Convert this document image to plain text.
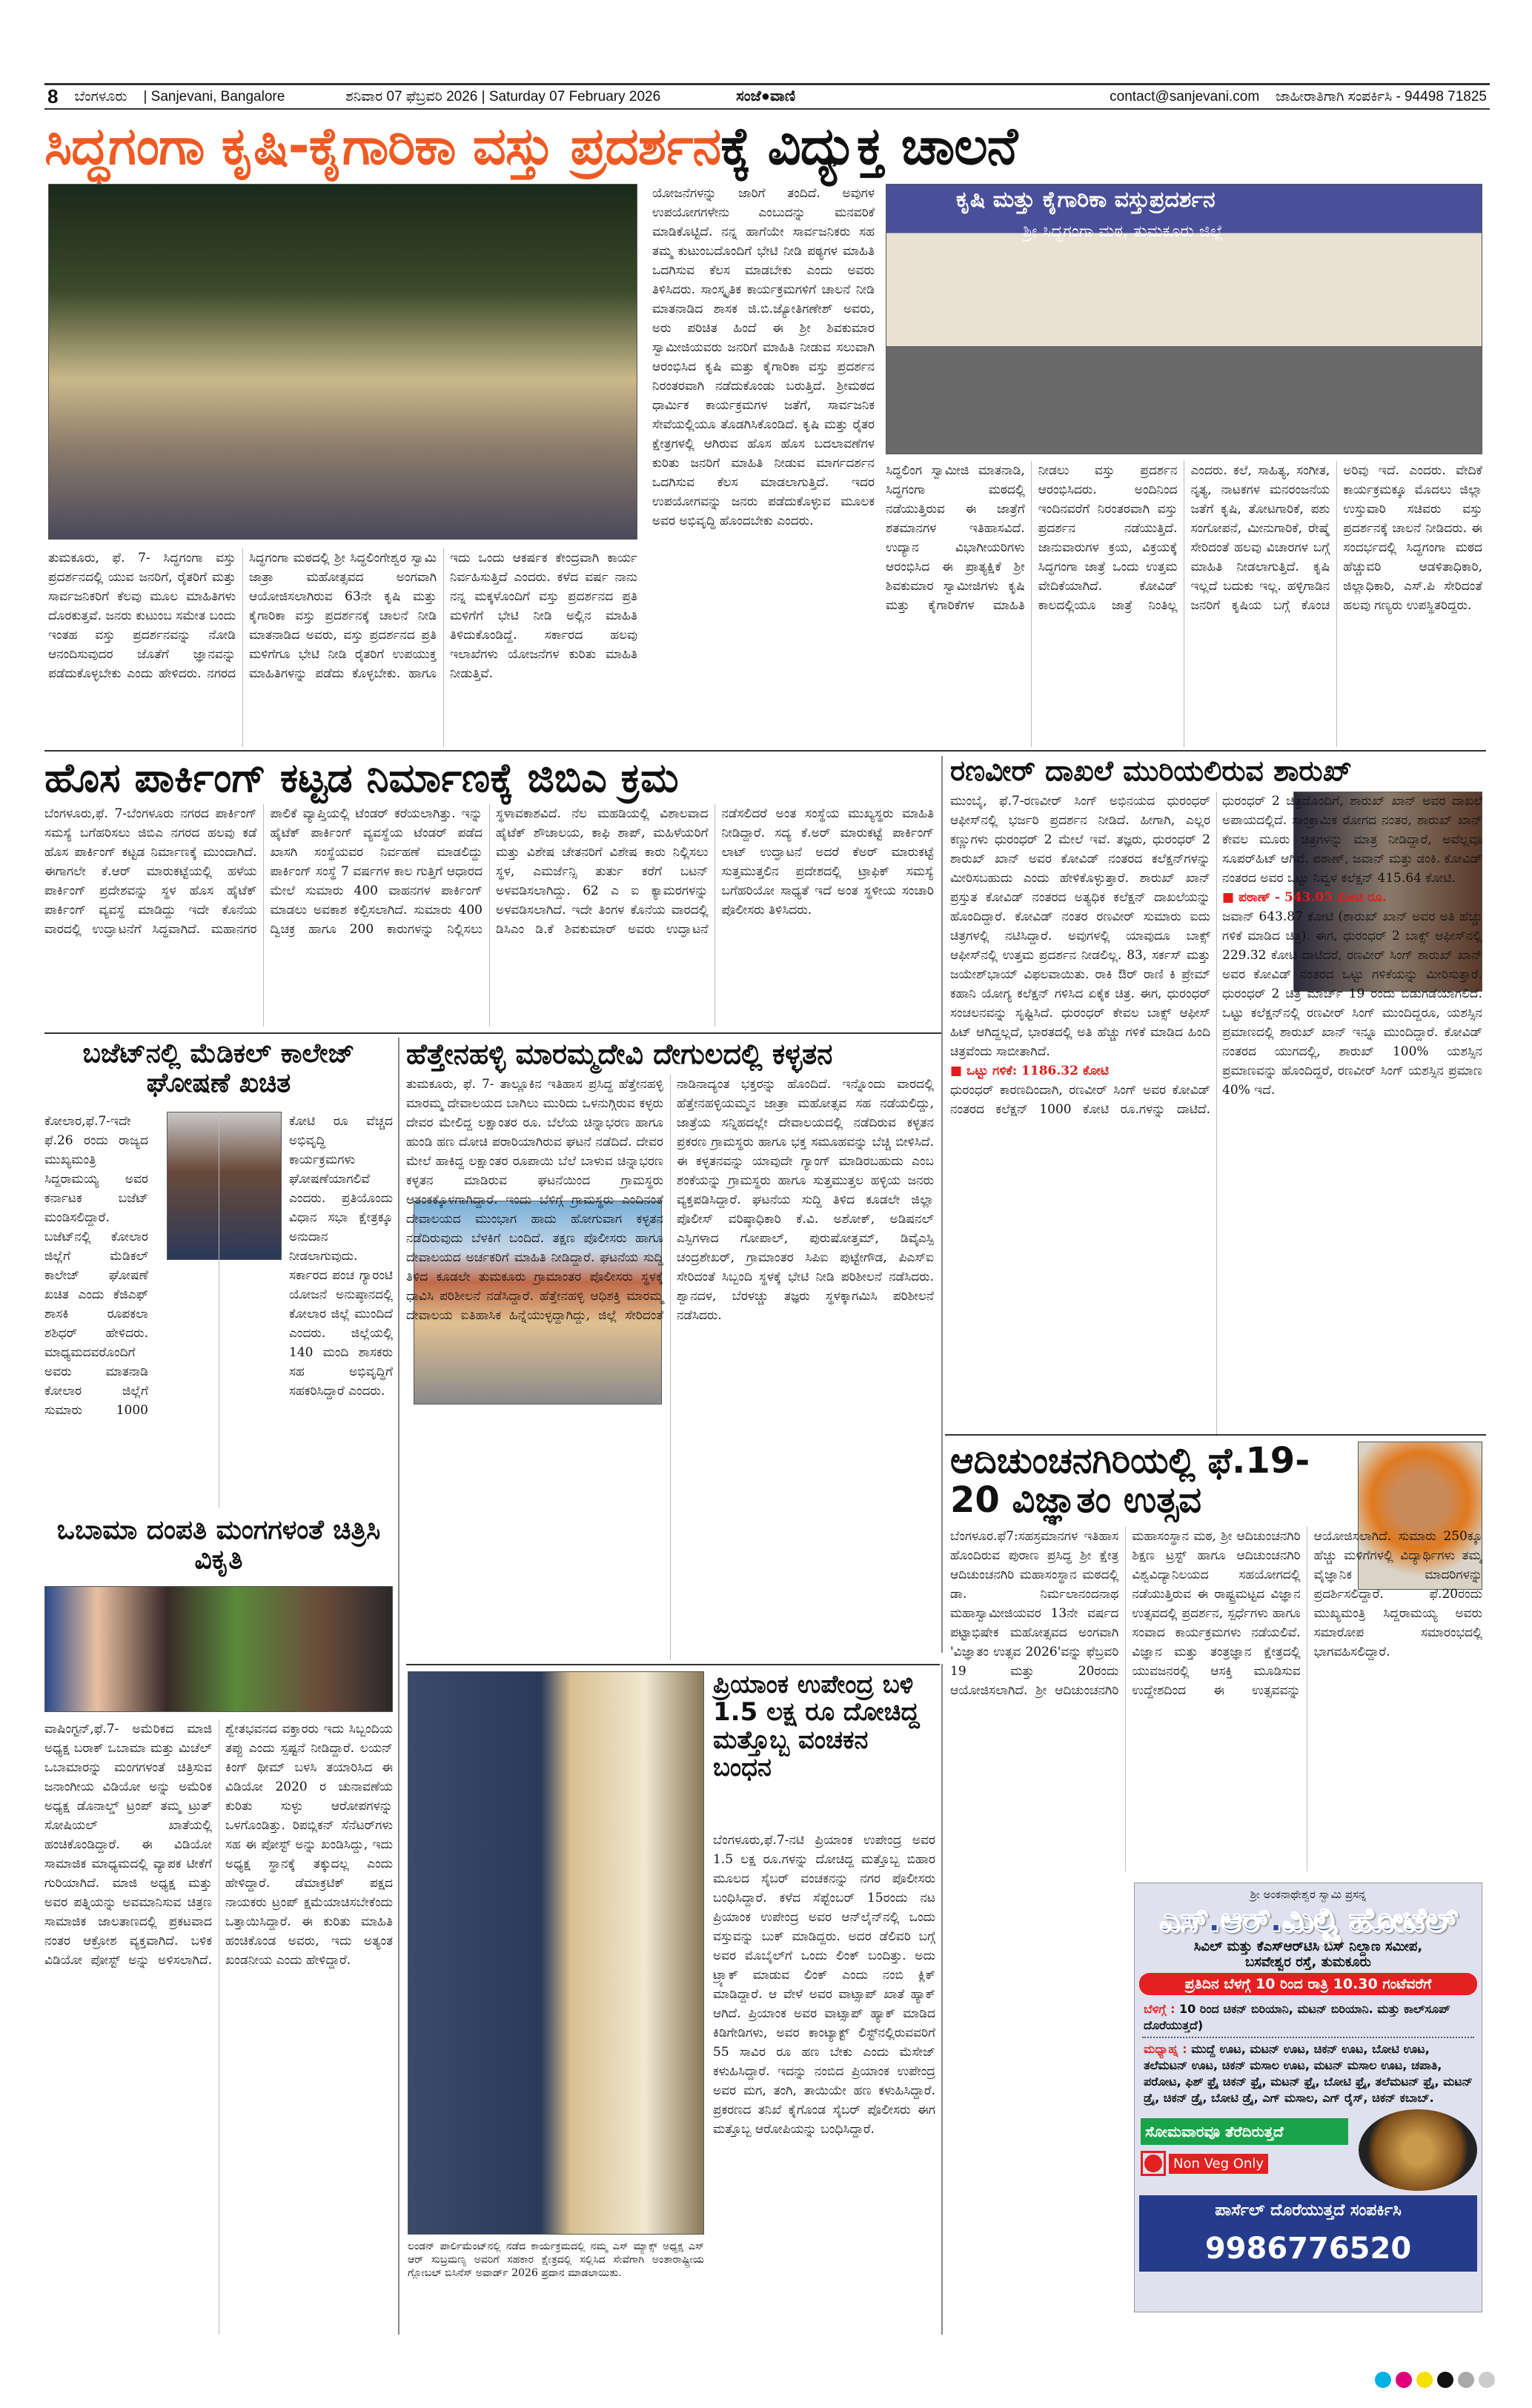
8 ಬೆಂಗಳೂರು | Sanjevani, Bangalore	ಶನಿವಾರ 07 ಫೆಬ್ರವರಿ 2026 | Saturday 07 February 2026	ಸಂಜೆ●ವಾಣಿ	contact@sanjevani.com ಜಾಹೀರಾತಿಗಾಗಿ ಸಂಪರ್ಕಿಸಿ - 94498 71825
ಸಿದ್ಧಗಂಗಾ ಕೃಷಿ-ಕೈಗಾರಿಕಾ ವಸ್ತು ಪ್ರದರ್ಶನಕ್ಕೆ ವಿದ್ಯುಕ್ತ ಚಾಲನೆ
ಯೋಜನೆಗಳನ್ನು ಜಾರಿಗೆ ತಂದಿದೆ. ಅವುಗಳ ಉಪಯೋಗಗಳೇನು ಎಂಬುದನ್ನು ಮನವರಿಕೆ ಮಾಡಿಕೊಟ್ಟಿದೆ. ನನ್ನ ಹಾಗೆಯೇ ಸಾರ್ವಜನಿಕರು ಸಹ ತಮ್ಮ ಕುಟುಂಬದೊಂದಿಗೆ ಭೇಟಿ ನೀಡಿ ಪಠ್ಯಗಳ ಮಾಹಿತಿ ಒದಗಿಸುವ ಕೆಲಸ ಮಾಡಬೇಕು ಎಂದು ಅವರು ತಿಳಿಸಿದರು. ಸಾಂಸ್ಕೃತಿಕ ಕಾರ್ಯಕ್ರಮಗಳಿಗೆ ಚಾಲನೆ ನೀಡಿ ಮಾತನಾಡಿದ ಶಾಸಕ ಜಿ.ಬಿ.ಜ್ಯೋತಿಗಣೇಶ್ ಅವರು, ಅರು ಪರಿಚಿತ ಹಿಂದೆ ಈ ಶ್ರೀ ಶಿವಕುಮಾರ ಸ್ವಾಮೀಜಿಯವರು ಜನರಿಗೆ ಮಾಹಿತಿ ನೀಡುವ ಸಲುವಾಗಿ ಆರಂಭಿಸಿದ ಕೃಷಿ ಮತ್ತು ಕೈಗಾರಿಕಾ ವಸ್ತು ಪ್ರದರ್ಶನ ನಿರಂತರವಾಗಿ ನಡೆದುಕೊಂಡು ಬರುತ್ತಿದೆ. ಶ್ರೀಮಠದ ಧಾರ್ಮಿಕ ಕಾರ್ಯಕ್ರಮಗಳ ಜತೆಗೆ, ಸಾರ್ವಜನಿಕ ಸೇವೆಯಲ್ಲಿಯೂ ತೊಡಗಿಸಿಕೊಂಡಿದೆ. ಕೃಷಿ ಮತ್ತು ರೈತರ ಕ್ಷೇತ್ರಗಳಲ್ಲಿ ಆಗಿರುವ ಹೊಸ ಹೊಸ ಬದಲಾವಣೆಗಳ ಕುರಿತು ಜನರಿಗೆ ಮಾಹಿತಿ ನೀಡುವ ಮಾರ್ಗದರ್ಶನ ಒದಗಿಸುವ ಕೆಲಸ ಮಾಡಲಾಗುತ್ತಿದೆ. ಇದರ ಉಪಯೋಗವನ್ನು ಜನರು ಪಡೆದುಕೊಳ್ಳುವ ಮೂಲಕ ಅವರ ಅಭಿವೃದ್ಧಿ ಹೊಂದಬೇಕು ಎಂದರು.
ಕೃಷಿ ಮತ್ತು ಕೈಗಾರಿಕಾ ವಸ್ತುಪ್ರದರ್ಶನ
ಶ್ರೀ ಸಿದ್ಧಗಂಗಾ ಮಠ, ತುಮಕೂರು ಜಿಲ್ಲೆ
ತುಮಕೂರು, ಫೆ. 7- ಸಿದ್ಧಗಂಗಾ ವಸ್ತು ಪ್ರದರ್ಶನದಲ್ಲಿ ಯುವ ಜನರಿಗೆ, ರೈತರಿಗೆ ಮತ್ತು ಸಾರ್ವಜನಿಕರಿಗೆ ಕೆಲವು ಮೂಲ ಮಾಹಿತಿಗಳು ದೊರಕುತ್ತವೆ. ಜನರು ಕುಟುಂಬ ಸಮೇತ ಬಂದು ಇಂತಹ ವಸ್ತು ಪ್ರದರ್ಶನವನ್ನು ನೋಡಿ ಆನಂದಿಸುವುದರ ಜೊತೆಗೆ ಜ್ಞಾನವನ್ನು ಪಡೆದುಕೊಳ್ಳಬೇಕು ಎಂದು ಹೇಳಿದರು. ನಗರದ ಸಿದ್ಧಗಂಗಾ ಮಠದಲ್ಲಿ ಶ್ರೀ ಸಿದ್ಧಲಿಂಗೇಶ್ವರ ಸ್ವಾಮಿ ಜಾತ್ರಾ ಮಹೋತ್ಸವದ ಅಂಗವಾಗಿ ಆಯೋಜಿಸಲಾಗಿರುವ 63ನೇ ಕೃಷಿ ಮತ್ತು ಕೈಗಾರಿಕಾ ವಸ್ತು ಪ್ರದರ್ಶನಕ್ಕೆ ಚಾಲನೆ ನೀಡಿ ಮಾತನಾಡಿದ ಅವರು, ವಸ್ತು ಪ್ರದರ್ಶನದ ಪ್ರತಿ ಮಳಿಗೆಗೂ ಭೇಟಿ ನೀಡಿ ರೈತರಿಗೆ ಉಪಯುಕ್ತ ಮಾಹಿತಿಗಳನ್ನು ಪಡೆದು ಕೊಳ್ಳಬೇಕು. ಹಾಗೂ ಇದು ಒಂದು ಆಕರ್ಷಕ ಕೇಂದ್ರವಾಗಿ ಕಾರ್ಯ ನಿರ್ವಹಿಸುತ್ತಿದೆ ಎಂದರು. ಕಳೆದ ವರ್ಷ ನಾನು ನನ್ನ ಮಕ್ಕಳೊಂದಿಗೆ ವಸ್ತು ಪ್ರದರ್ಶನದ ಪ್ರತಿ ಮಳಿಗೆಗೆ ಭೇಟಿ ನೀಡಿ ಅಲ್ಲಿನ ಮಾಹಿತಿ ತಿಳಿದುಕೊಂಡಿದ್ದೆ. ಸರ್ಕಾರದ ಹಲವು ಇಲಾಖೆಗಳು ಯೋಜನೆಗಳ ಕುರಿತು ಮಾಹಿತಿ ನೀಡುತ್ತಿವೆ.
ಸಿದ್ಧಲಿಂಗ ಸ್ವಾಮೀಜಿ ಮಾತನಾಡಿ, ಸಿದ್ಧಗಂಗಾ ಮಠದಲ್ಲಿ ನಡೆಯುತ್ತಿರುವ ಈ ಜಾತ್ರೆಗೆ ಶತಮಾನಗಳ ಇತಿಹಾಸವಿದೆ. ಉದ್ಯಾನ ವಿಭಾಗೀಯರಿಗಳು ಆರಂಭಿಸಿದ ಈ ಪ್ರಾತ್ಯಕ್ಷಿಕೆ ಶ್ರೀ ಶಿವಕುಮಾರ ಸ್ವಾಮೀಜಿಗಳು ಕೃಷಿ ಮತ್ತು ಕೈಗಾರಿಕೆಗಳ ಮಾಹಿತಿ ನೀಡಲು ವಸ್ತು ಪ್ರದರ್ಶನ ಆರಂಭಿಸಿದರು. ಅಂದಿನಿಂದ ಇಂದಿನವರೆಗೆ ನಿರಂತರವಾಗಿ ವಸ್ತು ಪ್ರದರ್ಶನ ನಡೆಯುತ್ತಿದೆ. ಜಾನುವಾರುಗಳ ಕ್ರಯ, ವಿಕ್ರಯಕ್ಕೆ ಸಿದ್ಧಗಂಗಾ ಜಾತ್ರೆ ಒಂದು ಉತ್ತಮ ವೇದಿಕೆಯಾಗಿದೆ. ಕೋವಿಡ್ ಕಾಲದಲ್ಲಿಯೂ ಜಾತ್ರೆ ನಿಂತಿಲ್ಲ ಎಂದರು. ಕಲೆ, ಸಾಹಿತ್ಯ, ಸಂಗೀತ, ನೃತ್ಯ, ನಾಟಕಗಳ ಮನರಂಜನೆಯ ಜತೆಗೆ ಕೃಷಿ, ತೋಟಗಾರಿಕೆ, ಪಶು ಸಂಗೋಪನೆ, ಮೀನುಗಾರಿಕೆ, ರೇಷ್ಮೆ ಸೇರಿದಂತೆ ಹಲವು ವಿಚಾರಗಳ ಬಗ್ಗೆ ಮಾಹಿತಿ ನೀಡಲಾಗುತ್ತಿದೆ. ಕೃಷಿ ಇಲ್ಲದೆ ಬದುಕು ಇಲ್ಲ. ಹಳ್ಳಿಗಾಡಿನ ಜನರಿಗೆ ಕೃಷಿಯ ಬಗ್ಗೆ ಕೊಂಚ ಅರಿವು ಇದೆ. ಎಂದರು. ವೇದಿಕೆ ಕಾರ್ಯಕ್ರಮಕ್ಕೂ ಮೊದಲು ಜಿಲ್ಲಾ ಉಸ್ತುವಾರಿ ಸಚಿವರು ವಸ್ತು ಪ್ರದರ್ಶನಕ್ಕೆ ಚಾಲನೆ ನೀಡಿದರು. ಈ ಸಂದರ್ಭದಲ್ಲಿ ಸಿದ್ಧಗಂಗಾ ಮಠದ ಹೆಚ್ಚುವರಿ ಆಡಳಿತಾಧಿಕಾರಿ, ಜಿಲ್ಲಾಧಿಕಾರಿ, ಎಸ್.ಪಿ ಸೇರಿದಂತೆ ಹಲವು ಗಣ್ಯರು ಉಪಸ್ಥಿತರಿದ್ದರು.
ಹೊಸ ಪಾರ್ಕಿಂಗ್ ಕಟ್ಟಡ ನಿರ್ಮಾಣಕ್ಕೆ ಜಿಬಿಎ ಕ್ರಮ
ಬೆಂಗಳೂರು,ಫೆ. 7-ಬೆಂಗಳೂರು ನಗರದ ಪಾರ್ಕಿಂಗ್ ಸಮಸ್ಯೆ ಬಗೆಹರಿಸಲು ಜಿಬಿಎ ನಗರದ ಹಲವು ಕಡೆ ಹೊಸ ಪಾರ್ಕಿಂಗ್ ಕಟ್ಟಡ ನಿರ್ಮಾಣಕ್ಕೆ ಮುಂದಾಗಿದೆ. ಈಗಾಗಲೇ ಕೆ.ಆರ್ ಮಾರುಕಟ್ಟೆಯಲ್ಲಿ ಹಳೆಯ ಪಾರ್ಕಿಂಗ್ ಪ್ರದೇಶವನ್ನು ಸ್ಥಳ ಹೊಸ ಹೈಟೆಕ್ ಪಾರ್ಕಿಂಗ್ ವ್ಯವಸ್ಥೆ ಮಾಡಿದ್ದು ಇದೇ ಕೊನೆಯ ವಾರದಲ್ಲಿ ಉದ್ಘಾಟನೆಗೆ ಸಿದ್ಧವಾಗಿದೆ. ಮಹಾನಗರ ಪಾಲಿಕೆ ವ್ಯಾಪ್ತಿಯಲ್ಲಿ ಟೆಂಡರ್ ಕರೆಯಲಾಗಿತ್ತು. ಇನ್ನು ಹೈಟೆಕ್ ಪಾರ್ಕಿಂಗ್ ವ್ಯವಸ್ಥೆಯ ಟೆಂಡರ್ ಪಡೆದ ಖಾಸಗಿ ಸಂಸ್ಥೆಯವರ ನಿರ್ವಹಣೆ ಮಾಡಲಿದ್ದು ಪಾರ್ಕಿಂಗ್ ಸಂಸ್ಥೆ 7 ವರ್ಷಗಳ ಕಾಲ ಗುತ್ತಿಗೆ ಆಧಾರದ ಮೇಲೆ ಸುಮಾರು 400 ವಾಹನಗಳ ಪಾರ್ಕಿಂಗ್ ಮಾಡಲು ಅವಕಾಶ ಕಲ್ಪಿಸಲಾಗಿದೆ. ಸುಮಾರು 400 ದ್ವಿಚಕ್ರ ಹಾಗೂ 200 ಕಾರುಗಳನ್ನು ನಿಲ್ಲಿಸಲು ಸ್ಥಳಾವಕಾಶವಿದೆ. ನೆಲ ಮಹಡಿಯಲ್ಲಿ ವಿಶಾಲವಾದ ಹೈಟೆಕ್ ಶೌಚಾಲಯ, ಕಾಫಿ ಶಾಪ್, ಮಹಿಳೆಯರಿಗೆ ಮತ್ತು ವಿಶೇಷ ಚೇತನರಿಗೆ ವಿಶೇಷ ಕಾರು ನಿಲ್ಲಿಸಲು ಸ್ಥಳ, ಎಮರ್ಜೆನ್ಸಿ ತುರ್ತು ಕರೆಗೆ ಬಟನ್ ಅಳವಡಿಸಲಾಗಿದ್ದು. 62 ಎ ಐ ಕ್ಯಾಮರಗಳನ್ನು ಅಳವಡಿಸಲಾಗಿದೆ. ಇದೇ ತಿಂಗಳ ಕೊನೆಯ ವಾರದಲ್ಲಿ ಡಿಸಿಎಂ ಡಿ.ಕೆ ಶಿವಕುಮಾರ್ ಅವರು ಉದ್ಘಾಟನೆ ನಡೆಸಲಿದರೆ ಅಂತ ಸಂಸ್ಥೆಯ ಮುಖ್ಯಸ್ಥರು ಮಾಹಿತಿ ನೀಡಿದ್ದಾರೆ. ಸದ್ಯ ಕೆ.ಅರ್ ಮಾರುಕಟ್ಟೆ ಪಾರ್ಕಿಂಗ್ ಲಾಟ್ ಉದ್ಘಾಟನೆ ಅದರೆ ಕೆಅರ್ ಮಾರುಕಟ್ಟೆ ಸುತ್ತಮುತ್ತಲಿನ ಪ್ರದೇಶದಲ್ಲಿ ಟ್ರಾಫಿಕ್ ಸಮಸ್ಯೆ ಬಗೆಹರಿಯೋ ಸಾಧ್ಯತೆ ಇದೆ ಅಂತ ಸ್ಥಳೀಯ ಸಂಚಾರಿ ಪೊಲೀಸರು ತಿಳಿಸಿದರು.
ರಣವೀರ್ ದಾಖಲೆ ಮುರಿಯಲಿರುವ ಶಾರುಖ್
ಮುಂಬೈ, ಫೆ.7-ರಣವೀರ್ ಸಿಂಗ್ ಅಭಿನಯದ ಧುರಂಧರ್ ಆಫೀಸ್‌ನಲ್ಲಿ ಭರ್ಜರಿ ಪ್ರದರ್ಶನ ನೀಡಿದೆ. ಹೀಗಾಗಿ, ಎಲ್ಲರ ಕಣ್ಣುಗಳು ಧುರಂಧರ್ 2 ಮೇಲೆ ಇವೆ. ತಜ್ಞರು, ಧುರಂಧರ್ 2 ಶಾರುಖ್ ಖಾನ್ ಅವರ ಕೋವಿಡ್ ನಂತರದ ಕಲೆಕ್ಷನ್‌ಗಳನ್ನು ಮೀರಿಸಬಹುದು ಎಂದು ಹೇಳಿಕೊಳ್ಳುತ್ತಾರೆ. ಶಾರುಖ್ ಖಾನ್ ಪ್ರಸ್ತುತ ಕೋವಿಡ್ ನಂತರದ ಅತ್ಯಧಿಕ ಕಲೆಕ್ಷನ್ ದಾಖಲೆಯನ್ನು ಹೊಂದಿದ್ದಾರೆ. ಕೋವಿಡ್ ನಂತರ ರಣವೀರ್ ಸುಮಾರು ಐದು ಚಿತ್ರಗಳಲ್ಲಿ ನಟಿಸಿದ್ದಾರೆ. ಅವುಗಳಲ್ಲಿ ಯಾವುದೂ ಬಾಕ್ಸ್ ಆಫೀಸ್‌ನಲ್ಲಿ ಉತ್ತಮ ಪ್ರದರ್ಶನ ನೀಡಲಿಲ್ಲ. 83, ಸರ್ಕಸ್ ಮತ್ತು ಜಯೇಶ್‌ಭಾಯ್ ವಿಫಲವಾಯಿತು. ರಾಕಿ ಔರ್ ರಾಣಿ ಕಿ ಪ್ರೇಮ್ ಕಹಾನಿ ಯೋಗ್ಯ ಕಲೆಕ್ಷನ್ ಗಳಿಸಿದ ಏಕೈಕ ಚಿತ್ರ. ಈಗ, ಧುರಂಧರ್ ಸಂಚಲನವನ್ನು ಸೃಷ್ಟಿಸಿದೆ. ಧುರಂಧರ್ ಕೇವಲ ಬಾಕ್ಸ್ ಆಫೀಸ್ ಹಿಟ್ ಆಗಿದ್ದಲ್ಲದೆ, ಭಾರತದಲ್ಲಿ ಅತಿ ಹೆಚ್ಚು ಗಳಿಕೆ ಮಾಡಿದ ಹಿಂದಿ ಚಿತ್ರವೆಂದು ಸಾಬೀತಾಗಿದೆ.
■ ಒಟ್ಟು ಗಳಿಕೆ: 1186.32 ಕೋಟಿ
ಧುರಂಧರ್ ಕಾರಣದಿಂದಾಗಿ, ರಣವೀರ್ ಸಿಂಗ್ ಅವರ ಕೋವಿಡ್ ನಂತರದ ಕಲೆಕ್ಷನ್ 1000 ಕೋಟಿ ರೂ.ಗಳನ್ನು ದಾಟಿದೆ. ಧುರಂಧರ್ 2 ಚಿತ್ರದೊಂದಿಗೆ, ಶಾರುಖ್ ಖಾನ್ ಅವರ ದಾಖಲೆ ಅಪಾಯದಲ್ಲಿದೆ. ಸಾಂಕ್ರಾಮಿಕ ರೋಗದ ನಂತರ, ಶಾರುಖ್ ಖಾನ್ ಕೇವಲ ಮೂರು ಚಿತ್ರಗಳನ್ನು ಮಾತ್ರ ನೀಡಿದ್ದಾರೆ, ಅವೆಲ್ಲವೂ ಸೂಪರ್‌ಹಿಟ್ ಆಗಿವೆ. ಪಠಾಣ್, ಜವಾನ್ ಮತ್ತು ಡಂಕಿ. ಕೋವಿಡ್ ನಂತರದ ಅವರ ಒಟ್ಟು ನಿವ್ವಳ ಕಲೆಕ್ಷನ್ 415.64 ಕೋಟಿ.
■ ಪಠಾಣ್ - 543.05 ಕೋಟಿ ರೂ.
ಜವಾನ್ 643.87 ಕೋಟಿ (ಶಾರುಖ್ ಖಾನ್ ಅವರ ಅತಿ ಹೆಚ್ಚು ಗಳಿಕೆ ಮಾಡಿದ ಚಿತ್ರ). ಈಗ, ಧುರಂಧರ್ 2 ಬಾಕ್ಸ್ ಆಫೀಸ್‌ನಲ್ಲಿ 229.32 ಕೋಟಿ ದಾಟಿದರೆ, ರಣವೀರ್ ಸಿಂಗ್ ಶಾರುಖ್ ಖಾನ್ ಅವರ ಕೋವಿಡ್ ನಂತರದ ಒಟ್ಟು ಗಳಿಕೆಯನ್ನು ಮೀರಿಸುತ್ತಾರೆ. ಧುರಂಧರ್ 2 ಚಿತ್ರ ಮಾರ್ಚ್ 19 ರಂದು ಬಿಡುಗಡೆಯಾಗಲಿದೆ. ಒಟ್ಟು ಕಲೆಕ್ಷನ್‌ನಲ್ಲಿ ರಣವೀರ್ ಸಿಂಗ್ ಮುಂದಿದ್ದರೂ, ಯಶಸ್ಸಿನ ಪ್ರಮಾಣದಲ್ಲಿ ಶಾರುಖ್ ಖಾನ್ ಇನ್ನೂ ಮುಂದಿದ್ದಾರೆ. ಕೋವಿಡ್ ನಂತರದ ಯುಗದಲ್ಲಿ, ಶಾರುಖ್ 100% ಯಶಸ್ಸಿನ ಪ್ರಮಾಣವನ್ನು ಹೊಂದಿದ್ದರೆ, ರಣವೀರ್ ಸಿಂಗ್ ಯಶಸ್ಸಿನ ಪ್ರಮಾಣ 40% ಇದೆ.
ಬಜೆಟ್‌ನಲ್ಲಿ ಮೆಡಿಕಲ್ ಕಾಲೇಜ್ ಘೋಷಣೆ ಖಚಿತ
ಕೋಲಾರ,ಫೆ.7-ಇದೇ ಫೆ.26 ರಂದು ರಾಜ್ಯದ ಮುಖ್ಯಮಂತ್ರಿ ಸಿದ್ದರಾಮಯ್ಯ ಅವರ ಕರ್ನಾಟಕ ಬಜೆಟ್ ಮಂಡಿಸಲಿದ್ದಾರೆ. ಬಜೆಟ್‌ನಲ್ಲಿ ಕೋಲಾರ ಜಿಲ್ಲೆಗೆ ಮೆಡಿಕಲ್ ಕಾಲೇಜ್ ಘೋಷಣೆ ಖಚಿತ ಎಂದು ಕೆಜಿಎಫ್ ಶಾಸಕಿ ರೂಪಕಲಾ ಶಶಿಧರ್ ಹೇಳಿದರು. ಮಾಧ್ಯಮದವರೊಂದಿಗೆ ಅವರು ಮಾತನಾಡಿ ಕೋಲಾರ ಜಿಲ್ಲೆಗೆ ಸುಮಾರು 1000 ಕೋಟಿ ರೂ ವೆಚ್ಚದ ಅಭಿವೃದ್ಧಿ ಕಾರ್ಯಕ್ರಮಗಳು ಘೋಷಣೆಯಾಗಲಿವೆ ಎಂದರು. ಪ್ರತಿಯೊಂದು ವಿಧಾನ ಸಭಾ ಕ್ಷೇತ್ರಕ್ಕೂ ಅನುದಾನ ನೀಡಲಾಗುವುದು. ಸರ್ಕಾರದ ಪಂಚ ಗ್ಯಾರಂಟಿ ಯೋಜನೆ ಅನುಷ್ಠಾನದಲ್ಲಿ ಕೋಲಾರ ಜಿಲ್ಲೆ ಮುಂದಿದೆ ಎಂದರು. ಜಿಲ್ಲೆಯಲ್ಲಿ 140 ಮಂದಿ ಶಾಸಕರು ಸಹ ಅಭಿವೃದ್ಧಿಗೆ ಸಹಕರಿಸಿದ್ದಾರೆ ಎಂದರು.
ಹೆತ್ತೇನಹಳ್ಳಿ ಮಾರಮ್ಮದೇವಿ ದೇಗುಲದಲ್ಲಿ ಕಳ್ಳತನ
ತುಮಕೂರು, ಫೆ. 7- ತಾಲ್ಲೂಕಿನ ಇತಿಹಾಸ ಪ್ರಸಿದ್ಧ ಹೆತ್ತೇನಹಳ್ಳಿ ಮಾರಮ್ಮ ದೇವಾಲಯದ ಬಾಗಿಲು ಮುರಿದು ಒಳನುಗ್ಗಿರುವ ಕಳ್ಳರು ದೇವರ ಮೇಲಿದ್ದ ಲಕ್ಷಾಂತರ ರೂ. ಬೆಲೆಯ ಚಿನ್ನಾಭರಣ ಹಾಗೂ ಹುಂಡಿ ಹಣ ದೋಚಿ ಪರಾರಿಯಾಗಿರುವ ಘಟನೆ ನಡೆದಿದೆ. ದೇವರ ಮೇಲೆ ಹಾಕಿದ್ದ ಲಕ್ಷಾಂತರ ರೂಪಾಯಿ ಬೆಲೆ ಬಾಳುವ ಚಿನ್ನಾಭರಣ ಕಳ್ಳತನ ಮಾಡಿರುವ ಘಟನೆಯಿಂದ ಗ್ರಾಮಸ್ಥರು ಆತಂಕಕ್ಕೊಳಗಾಗಿದ್ದಾರೆ. ಇಂದು ಬೆಳಿಗ್ಗೆ ಗ್ರಾಮಸ್ಥರು ಎಂದಿನಂತೆ ದೇವಾಲಯದ ಮುಂಭಾಗ ಹಾದು ಹೋಗುವಾಗ ಕಳ್ಳತನ ನಡೆದಿರುವುದು ಬೆಳಕಿಗೆ ಬಂದಿದೆ. ತಕ್ಷಣ ಪೊಲೀಸರು ಹಾಗೂ ದೇವಾಲಯದ ಅರ್ಚಕರಿಗೆ ಮಾಹಿತಿ ನೀಡಿದ್ದಾರೆ. ಘಟನೆಯ ಸುದ್ದಿ ತಿಳಿದ ಕೂಡಲೇ ತುಮಕೂರು ಗ್ರಾಮಾಂತರ ಪೊಲೀಸರು ಸ್ಥಳಕ್ಕೆ ಧಾವಿಸಿ ಪರಿಶೀಲನೆ ನಡೆಸಿದ್ದಾರೆ. ಹೆತ್ತೇನಹಳ್ಳಿ ಆಧಿಶಕ್ತಿ ಮಾರಮ್ಮ ದೇವಾಲಯ ಐತಿಹಾಸಿಕ ಹಿನ್ನೆಯುಳ್ಳದ್ದಾಗಿದ್ದು, ಜಿಲ್ಲೆ ಸೇರಿದಂತೆ ನಾಡಿನಾದ್ಯಂತ ಭಕ್ತರನ್ನು ಹೊಂದಿದೆ. ಇನ್ನೊಂದು ವಾರದಲ್ಲಿ ಹೆತ್ತೇನಹಳ್ಳಿಯಮ್ಮನ ಜಾತ್ರಾ ಮಹೋತ್ಸವ ಸಹ ನಡೆಯಲಿದ್ದು, ಜಾತ್ರೆಯ ಸನ್ನಿಹದಲ್ಲೇ ದೇವಾಲಯದಲ್ಲಿ ನಡೆದಿರುವ ಕಳ್ಳತನ ಪ್ರಕರಣ ಗ್ರಾಮಸ್ಥರು ಹಾಗೂ ಭಕ್ತ ಸಮೂಹವನ್ನು ಬೆಚ್ಚಿ ಬೀಳಿಸಿದೆ. ಈ ಕಳ್ಳತನವನ್ನು ಯಾವುದೇ ಗ್ಯಾಂಗ್ ಮಾಡಿರಬಹುದು ಎಂಬ ಶಂಕೆಯನ್ನು ಗ್ರಾಮಸ್ಥರು ಹಾಗೂ ಸುತ್ತಮುತ್ತಲ ಹಳ್ಳಿಯ ಜನರು ವ್ಯಕ್ತಪಡಿಸಿದ್ದಾರೆ. ಘಟನೆಯ ಸುದ್ದಿ ತಿಳಿದ ಕೂಡಲೇ ಜಿಲ್ಲಾ ಪೊಲೀಸ್ ವರಿಷ್ಠಾಧಿಕಾರಿ ಕೆ.ವಿ. ಅಶೋಕ್, ಅಡಿಷನಲ್ ಎಸ್ಪಿಗಳಾದ ಗೋಪಾಲ್, ಪುರುಷೋತ್ತಮ್, ಡಿವೈಎಸ್ಪಿ ಚಂದ್ರಶೇಖರ್, ಗ್ರಾಮಾಂತರ ಸಿಪಿಐ ಪುಟ್ಟೇಗೌಡ, ಪಿಎಸ್‌ಐ ಸೇರಿದಂತೆ ಸಿಬ್ಬಂದಿ ಸ್ಥಳಕ್ಕೆ ಭೇಟಿ ನೀಡಿ ಪರಿಶೀಲನೆ ನಡೆಸಿದರು. ಶ್ವಾನದಳ, ಬೆರಳಚ್ಚು ತಜ್ಞರು ಸ್ಥಳಕ್ಕಾಗಮಿಸಿ ಪರಿಶೀಲನೆ ನಡೆಸಿದರು.
ಆದಿಚುಂಚನಗಿರಿಯಲ್ಲಿ ಫೆ.19-20 ವಿಜ್ಞಾತಂ ಉತ್ಸವ
ಬೆಂಗಳೂರ.ಫೆ7:ಸಹಸ್ರಮಾನಗಳ ಇತಿಹಾಸ ಹೊಂದಿರುವ ಪುರಾಣ ಪ್ರಸಿದ್ಧ ಶ್ರೀ ಕ್ಷೇತ್ರ ಆದಿಚುಂಚನಗಿರಿ ಮಹಾಸಂಸ್ಥಾನ ಮಠದಲ್ಲಿ ಡಾ. ನಿರ್ಮಲಾನಂದನಾಥ ಮಹಾಸ್ವಾಮೀಜಿಯವರ 13ನೇ ವರ್ಷದ ಪಟ್ಟಾಭಿಷೇಕ ಮಹೋತ್ಸವದ ಅಂಗವಾಗಿ 'ವಿಜ್ಞಾತಂ ಉತ್ಸವ 2026'ವನ್ನು ಫೆಬ್ರವರಿ 19 ಮತ್ತು 20ರಂದು ಆಯೋಜಿಸಲಾಗಿದೆ. ಶ್ರೀ ಆದಿಚುಂಚನಗಿರಿ ಮಹಾಸಂಸ್ಥಾನ ಮಠ, ಶ್ರೀ ಆದಿಚುಂಚನಗಿರಿ ಶಿಕ್ಷಣ ಟ್ರಸ್ಟ್ ಹಾಗೂ ಆದಿಚುಂಚನಗಿರಿ ವಿಶ್ವವಿದ್ಯಾನಿಲಯದ ಸಹಯೋಗದಲ್ಲಿ ನಡೆಯುತ್ತಿರುವ ಈ ರಾಷ್ಟ್ರಮಟ್ಟದ ವಿಜ್ಞಾನ ಉತ್ಸವದಲ್ಲಿ ಪ್ರದರ್ಶನ, ಸ್ಪರ್ಧೆಗಳು ಹಾಗೂ ಸಂವಾದ ಕಾರ್ಯಕ್ರಮಗಳು ನಡೆಯಲಿವೆ. ವಿಜ್ಞಾನ ಮತ್ತು ತಂತ್ರಜ್ಞಾನ ಕ್ಷೇತ್ರದಲ್ಲಿ ಯುವಜನರಲ್ಲಿ ಆಸಕ್ತಿ ಮೂಡಿಸುವ ಉದ್ದೇಶದಿಂದ ಈ ಉತ್ಸವವನ್ನು ಆಯೋಜಿಸಲಾಗಿದೆ. ಸುಮಾರು 250ಕ್ಕೂ ಹೆಚ್ಚು ಮಳಿಗೆಗಳಲ್ಲಿ ವಿದ್ಯಾರ್ಥಿಗಳು ತಮ್ಮ ವೈಜ್ಞಾನಿಕ ಮಾದರಿಗಳನ್ನು ಪ್ರದರ್ಶಿಸಲಿದ್ದಾರೆ. ಫೆ.20ರಂದು ಮುಖ್ಯಮಂತ್ರಿ ಸಿದ್ದರಾಮಯ್ಯ ಅವರು ಸಮಾರೋಪ ಸಮಾರಂಭದಲ್ಲಿ ಭಾಗವಹಿಸಲಿದ್ದಾರೆ.
ಒಬಾಮಾ ದಂಪತಿ ಮಂಗಗಳಂತೆ ಚಿತ್ರಿಸಿ ವಿಕೃತಿ
ವಾಷಿಂಗ್ಟನ್,ಫೆ.7- ಅಮೆರಿಕದ ಮಾಜಿ ಅಧ್ಯಕ್ಷ ಬರಾಕ್ ಒಬಾಮಾ ಮತ್ತು ಮಿಚೆಲ್ ಒಬಾಮಾರನ್ನು ಮಂಗಗಳಂತೆ ಚಿತ್ರಿಸುವ ಜನಾಂಗೀಯ ವಿಡಿಯೋ ಅನ್ನು ಅಮೆರಿಕ ಅಧ್ಯಕ್ಷ ಡೊನಾಲ್ಡ್ ಟ್ರಂಪ್ ತಮ್ಮ ಟ್ರುತ್ ಸೋಷಿಯಲ್ ಖಾತೆಯಲ್ಲಿ ಹಂಚಿಕೊಂಡಿದ್ದಾರೆ. ಈ ವಿಡಿಯೋ ಸಾಮಾಜಿಕ ಮಾಧ್ಯಮದಲ್ಲಿ ವ್ಯಾಪಕ ಟೀಕೆಗೆ ಗುರಿಯಾಗಿದೆ. ಮಾಜಿ ಅಧ್ಯಕ್ಷ ಮತ್ತು ಅವರ ಪತ್ನಿಯನ್ನು ಅವಮಾನಿಸುವ ಚಿತ್ರಣ ಸಾಮಾಜಿಕ ಜಾಲತಾಣದಲ್ಲಿ ಪ್ರಕಟವಾದ ನಂತರ ಆಕ್ರೋಶ ವ್ಯಕ್ತವಾಗಿದೆ. ಬಳಿಕ ವಿಡಿಯೋ ಪೋಸ್ಟ್ ಅನ್ನು ಅಳಿಸಲಾಗಿದೆ. ಶ್ವೇತಭವನದ ವಕ್ತಾರರು ಇದು ಸಿಬ್ಬಂದಿಯ ತಪ್ಪು ಎಂದು ಸ್ಪಷ್ಟನೆ ನೀಡಿದ್ದಾರೆ. ಲಯನ್ ಕಿಂಗ್ ಥೀಮ್ ಬಳಸಿ ತಯಾರಿಸಿದ ಈ ವಿಡಿಯೋ 2020 ರ ಚುನಾವಣೆಯ ಕುರಿತು ಸುಳ್ಳು ಆರೋಪಗಳನ್ನು ಒಳಗೊಂಡಿತ್ತು. ರಿಪಬ್ಲಿಕನ್ ಸೆನೆಟರ್‌ಗಳು ಸಹ ಈ ಪೋಸ್ಟ್ ಅನ್ನು ಖಂಡಿಸಿದ್ದು, ಇದು ಅಧ್ಯಕ್ಷ ಸ್ಥಾನಕ್ಕೆ ತಕ್ಕುದಲ್ಲ ಎಂದು ಹೇಳಿದ್ದಾರೆ. ಡೆಮಾಕ್ರಟಿಕ್ ಪಕ್ಷದ ನಾಯಕರು ಟ್ರಂಪ್ ಕ್ಷಮೆಯಾಚಿಸಬೇಕೆಂದು ಒತ್ತಾಯಿಸಿದ್ದಾರೆ. ಈ ಕುರಿತು ಮಾಹಿತಿ ಹಂಚಿಕೊಂಡ ಅವರು, ಇದು ಅತ್ಯಂತ ಖಂಡನೀಯ ಎಂದು ಹೇಳಿದ್ದಾರೆ.
ಲಂಡನ್ ಪಾರ್ಲಿಮೆಂಟ್‌ನಲ್ಲಿ ನಡೆದ ಕಾರ್ಯಕ್ರಮದಲ್ಲಿ ನಮ್ಮ ಎಸ್ ಮ್ಯಾಕ್ಸ್ ಅಧ್ಯಕ್ಷ ಎಸ್ ಆರ್ ಸುಬ್ರಮಣ್ಯ ಅವರಿಗೆ ಸಹಕಾರ ಕ್ಷೇತ್ರದಲ್ಲಿ ಸಲ್ಲಿಸಿದ ಸೇವೆಗಾಗಿ ಅಂತಾರಾಷ್ಟ್ರೀಯ ಗ್ಲೋಬಲ್ ಬಿಸಿನೆಸ್ ಅವಾರ್ಡ್ 2026 ಪ್ರದಾನ ಮಾಡಲಾಯಿತು.
ಪ್ರಿಯಾಂಕ ಉಪೇಂದ್ರ ಬಳಿ 1.5 ಲಕ್ಷ ರೂ ದೋಚಿದ್ದ ಮತ್ತೊಬ್ಬ ವಂಚಕನ ಬಂಧನ
ಬೆಂಗಳೂರು,ಫೆ.7-ನಟಿ ಪ್ರಿಯಾಂಕ ಉಪೇಂದ್ರ ಅವರ 1.5 ಲಕ್ಷ ರೂ.ಗಳನ್ನು ದೋಚಿದ್ದ ಮತ್ತೊಬ್ಬ ಬಿಹಾರ ಮೂಲದ ಸೈಬರ್ ವಂಚಕನನ್ನು ನಗರ ಪೊಲೀಸರು ಬಂಧಿಸಿದ್ದಾರೆ. ಕಳೆದ ಸೆಪ್ಟೆಂಬರ್ 15ರಂದು ನಟ ಪ್ರಿಯಾಂಕ ಉಪೇಂದ್ರ ಅವರ ಆನ್‌ಲೈನ್‌ನಲ್ಲಿ ಒಂದು ವಸ್ತುವನ್ನು ಬುಕ್ ಮಾಡಿದ್ದರು. ಅದರ ಡೆಲಿವರಿ ಬಗ್ಗೆ ಅವರ ಮೊಬೈಲ್‌ಗೆ ಒಂದು ಲಿಂಕ್ ಬಂದಿತ್ತು. ಅದು ಟ್ರ್ಯಾಕ್ ಮಾಡುವ ಲಿಂಕ್ ಎಂದು ನಂಬಿ ಕ್ಲಿಕ್ ಮಾಡಿದ್ದಾರೆ. ಆ ವೇಳೆ ಅವರ ವಾಟ್ಸಾಪ್ ಖಾತೆ ಹ್ಯಾಕ್ ಆಗಿದೆ. ಪ್ರಿಯಾಂಕ ಅವರ ವಾಟ್ಸಾಪ್ ಹ್ಯಾಕ್ ಮಾಡಿದ ಕಿಡಿಗೇಡಿಗಳು, ಅವರ ಕಾಂಟ್ಯಾಕ್ಟ್ ಲಿಸ್ಟ್‌ನಲ್ಲಿರುವವರಿಗೆ 55 ಸಾವಿರ ರೂ ಹಣ ಬೇಕು ಎಂದು ಮೆಸೇಜ್ ಕಳುಹಿಸಿದ್ದಾರೆ. ಇದನ್ನು ನಂಬಿದ ಪ್ರಿಯಾಂಕ ಉಪೇಂದ್ರ ಅವರ ಮಗ, ತಂಗಿ, ತಾಯಿಯೇ ಹಣ ಕಳುಹಿಸಿದ್ದಾರೆ. ಪ್ರಕರಣದ ತನಿಖೆ ಕೈಗೊಂಡ ಸೈಬರ್ ಪೊಲೀಸರು ಈಗ ಮತ್ತೊಬ್ಬ ಆರೋಪಿಯನ್ನು ಬಂಧಿಸಿದ್ದಾರೆ.
ಶ್ರೀ ಅಂಕನಾಥೇಶ್ವರ ಸ್ವಾಮಿ ಪ್ರಸನ್ನ
ಎಸ್.ಆರ್.ಮಿಲ್ಟ್ರಿ ಹೋಟೆಲ್
ಸಿವಿಲ್ ಮತ್ತು ಕೆಎಸ್ಆರ್‌ಟಿಸಿ ಬಸ್ ನಿಲ್ದಾಣ ಸಮೀಪ,
ಬಸವೇಶ್ವರ ರಸ್ತೆ, ತುಮಕೂರು
ಪ್ರತಿದಿನ ಬೆಳಗ್ಗೆ 10 ರಿಂದ ರಾತ್ರಿ 10.30 ಗಂಟೆವರೆಗೆ
ಬೆಳಿಗ್ಗೆ : 10 ರಿಂದ ಚಿಕನ್ ಬಿರಿಯಾನಿ, ಮಟನ್ ಬಿರಿಯಾನಿ. ಮತ್ತು ಕಾಲ್‌ಸೂಪ್ ದೊರೆಯುತ್ತದೆ)
ಮಧ್ಯಾಹ್ನ : ಮುದ್ದೆ ಊಟ, ಮಟನ್ ಊಟ, ಚಿಕನ್ ಊಟ, ಬೋಟಿ ಊಟ, ತಲೆಮಟನ್ ಊಟ, ಚಿಕನ್ ಮಸಾಲ ಊಟ, ಮಟನ್ ಮಸಾಲ ಊಟ, ಚಪಾತಿ, ಪರೋಟ, ಫಿಶ್ ಫ್ರೈ ಚಿಕನ್ ಫ್ರೈ, ಮಟನ್ ಫ್ರೈ, ಬೋಟಿ ಫ್ರೈ, ತಲೆಮಟನ್ ಫ್ರೈ, ಮಟನ್ ಡ್ರೈ, ಚಿಕನ್ ಡ್ರೈ, ಬೋಟಿ ಡ್ರೈ, ಎಗ್ ಮಸಾಲ, ಎಗ್ ರೈಸ್, ಚಿಕನ್ ಕಬಾಬ್.
ಸೋಮವಾರವೂ ತೆರೆದಿರುತ್ತದೆ
Non Veg Only
ಪಾರ್ಸೆಲ್ ದೊರೆಯುತ್ತದೆ ಸಂಪರ್ಕಿಸಿ
9986776520
